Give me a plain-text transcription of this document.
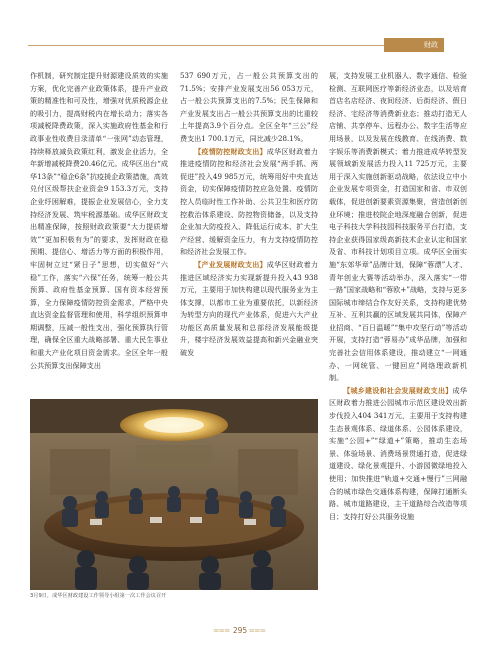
财政

作机制，研究制定提升财源建设质效的实施方案，优化完善产业政策体系，提升产业政策的精准性和可及性，增强对优质税源企业的吸引力，提高财税内在增长动力；落实各项减税降费政策，深入实施政府性基金和行政事业性收费目录清单“一张网”动态管理，持续释放减负政策红利，激发企业活力，全年新增减税降费20.46亿元。成华区出台“成华13条”“稳企6条”抗疫援企政策措施，高效兑付区级帮扶企业资金9 153.3万元，支持企业纾困解难，提振企业发展信心，全力支持经济发展、筑牢税源基础。成华区财政支出精准保障，按照财政政策要“大力提质增效”“更加积极有为”的要求，发挥财政在稳预期、提信心、增活力等方面的积极作用，牢固树立过“紧日子”思想，切实做好“六稳”工作，落实“六保”任务，统筹一般公共预算、政府性基金预算、国有资本经营预算，全力保障疫情防控资金需求，严格中央直达资金监督管理和使用，科学组织预算申期调整，压减一般性支出，强化预算执行管理，确保全区重大战略部署、重大民生事业和重大产业化项目资金需求。全区全年一般公共预算支出保障支出

537 690万元，占一般公共预算支出的71.5%；安排产业发展支出56 053万元，占一般公共预算支出的7.5%；民生保障和产业发展支出占一般公共预算支出的比重较上年提高3.9个百分点。全区全年“三公”经费支出1 700.1万元，同比减少28.1%。

【疫情防控财政支出】成华区财政着力推进疫情防控和经济社会发展“两手抓、两促进”投入49 985万元，统筹用好中央直达资金，切实保障疫情防控应急处置、疫情防控人员临时性工作补助、公共卫生和医疗防控救治体系建设、防控物资储备，以及支持企业加大防疫投入、降低运行成本、扩大生产经营、缓解资金压力，有力支持疫情防控和经济社会发展工作。

【产业发展财政支出】成华区财政着力推进区域经济实力实现新提升投入43 938万元，主要用于加快构建以现代服务业为主体支撑，以都市工业为重要依托，以新经济为转型方向的现代产业体系，促进六大产业功能区高质量发展和总部经济发展能级提升，楼宇经济发展效益提高和新兴金融业突破发

展，支持发展工业机器人、数字通信、检验检测、互联网医疗等新经济业态，以及培育首店名店经济、夜间经济、后街经济、假日经济、宅经济等消费新业态；推动打造无人店铺、共享停车、远程办公、数字生活等应用场景，以及发展在线教育、在线消费、数字娱乐等消费新模式；着力推进成华转型发展领域新发展活力投入11 725万元，主要用于深入实施创新驱动战略，依法设立中小企业发展专项资金，打造国家和省、市双创载体，促进创新要素资源集聚，营造创新创业环境；推进校院企地深度融合创新，促进电子科技大学科技园科技服务平台打造，支持企业获得国家级高新技术企业认定和国家及省、市科技计划项目立项。成华区全面实施“东郊华章”品牌计划，保障“蓉漂”人才、青年创业大赛等活动举办，深入落实“一带一路”国家战略和“蓉欧+”战略，支持与更多国际城市缔结合作友好关系，支持构建优势互补、互利共赢的区域发展共同体，保障产业招商、“百日温暖”“集中攻坚行动”等活动开展，支持打造“蓉易办”成华品牌，加强和完善社会信用体系建设，推动建立“一网通办、一网统管、一键回应”网络理政新机制。

【城乡建设和社会发展财政支出】成华区财政着力推进公园城市示范区建设效出新步伐投入404 341万元，主要用于支持构建生态景观体系、绿道体系、公园体系建设，实施“公园+”“绿道+”策略，推动生态场景、体验场景、消费场景贯通打造，促进绿道建设、绿化景观提升、小游园微绿地投入使用；加快推进“轨道+交通+慢行”三网融合的城市绿色交通体系构建，保障打通断头路、城市道路建设，主干道路综合改造等项目；支持打好公共服务设施

3月9日，成华区财政建设工作领导小组第一次工作会议召开
═══ 295 ═══
